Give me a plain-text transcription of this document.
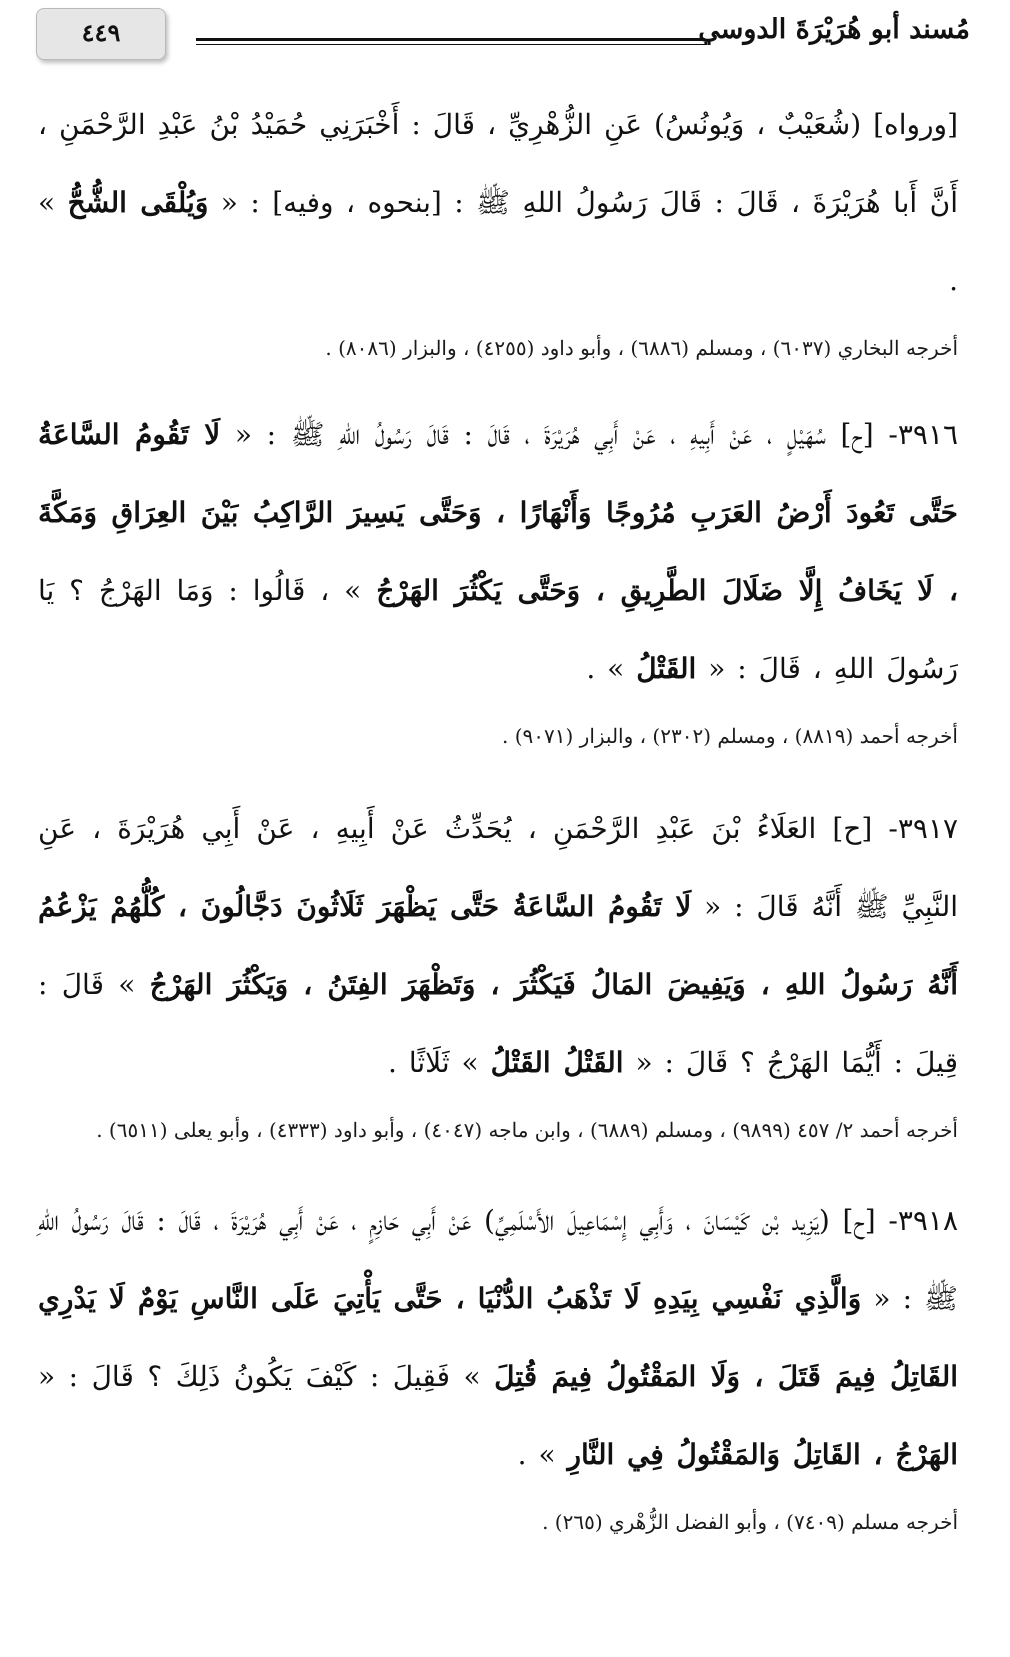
٤٤٩	مُسند أبو هُرَيْرَةَ الدوسي

[ورواه] (شُعَيْبٌ ، وَيُونُسُ) عَنِ الزُّهْرِيِّ ، قَالَ : أَخْبَرَنِي حُمَيْدُ بْنُ عَبْدِ الرَّحْمَنِ ، أَنَّ أَبا هُرَيْرَةَ ، قَالَ : قَالَ رَسُولُ اللهِ ﷺ : [بنحوه ، وفيه] : « وَيُلْقَى الشُّحُّ » .

أخرجه البخاري (٦٠٣٧) ، ومسلم (٦٨٨٦) ، وأبو داود (٤٢٥٥) ، والبزار (٨٠٨٦) .

٣٩١٦- [ح] سُهَيْلٍ ، عَنْ أَبِيهِ ، عَنْ أَبِي هُرَيْرَةَ ، قَالَ : قَالَ رَسُولُ اللهِ ﷺ : « لَا تَقُومُ السَّاعَةُ حَتَّى تَعُودَ أَرْضُ العَرَبِ مُرُوجًا وَأَنْهَارًا ، وَحَتَّى يَسِيرَ الرَّاكِبُ بَيْنَ العِرَاقِ وَمَكَّةَ ، لَا يَخَافُ إِلَّا ضَلَالَ الطَّرِيقِ ، وَحَتَّى يَكْثُرَ الهَرْجُ » ، قَالُوا : وَمَا الهَرْجُ ؟ يَا رَسُولَ اللهِ ، قَالَ : « القَتْلُ » .

أخرجه أحمد (٨٨١٩) ، ومسلم (٢٣٠٢) ، والبزار (٩٠٧١) .

٣٩١٧- [ح] العَلَاءُ بْنَ عَبْدِ الرَّحْمَنِ ، يُحَدِّثُ عَنْ أَبِيهِ ، عَنْ أَبِي هُرَيْرَةَ ، عَنِ النَّبِيِّ ﷺ أَنَّهُ قَالَ : « لَا تَقُومُ السَّاعَةُ حَتَّى يَظْهَرَ ثَلَاثُونَ دَجَّالُونَ ، كُلُّهُمْ يَزْعُمُ أَنَّهُ رَسُولُ اللهِ ، وَيَفِيضَ المَالُ فَيَكْثُرَ ، وَتَظْهَرَ الفِتَنُ ، وَيَكْثُرَ الهَرْجُ » قَالَ : قِيلَ : أَيُّمَا الهَرْجُ ؟ قَالَ : « القَتْلُ القَتْلُ » ثَلَاثًا .

أخرجه أحمد ٢/ ٤٥٧ (٩٨٩٩) ، ومسلم (٦٨٨٩) ، وابن ماجه (٤٠٤٧) ، وأبو داود (٤٣٣٣) ، وأبو يعلى (٦٥١١) .

٣٩١٨- [ح] (يَزِيد بْن كَيْسَانَ ، وَأَبِي إِسْمَاعِيلَ الأَسْلَمِيِّ) عَنْ أَبِي حَازِمٍ ، عَنْ أَبِي هُرَيْرَةَ ، قَالَ : قَالَ رَسُولُ اللهِ ﷺ : « وَالَّذِي نَفْسِي بِيَدِهِ لَا تَذْهَبُ الدُّنْيَا ، حَتَّى يَأْتِيَ عَلَى النَّاسِ يَوْمٌ لَا يَدْرِي القَاتِلُ فِيمَ قَتَلَ ، وَلَا المَقْتُولُ فِيمَ قُتِلَ » فَقِيلَ : كَيْفَ يَكُونُ ذَلِكَ ؟ قَالَ : « الهَرْجُ ، القَاتِلُ وَالمَقْتُولُ فِي النَّارِ » .

أخرجه مسلم (٧٤٠٩) ، وأبو الفضل الزُّهْري (٢٦٥) .
